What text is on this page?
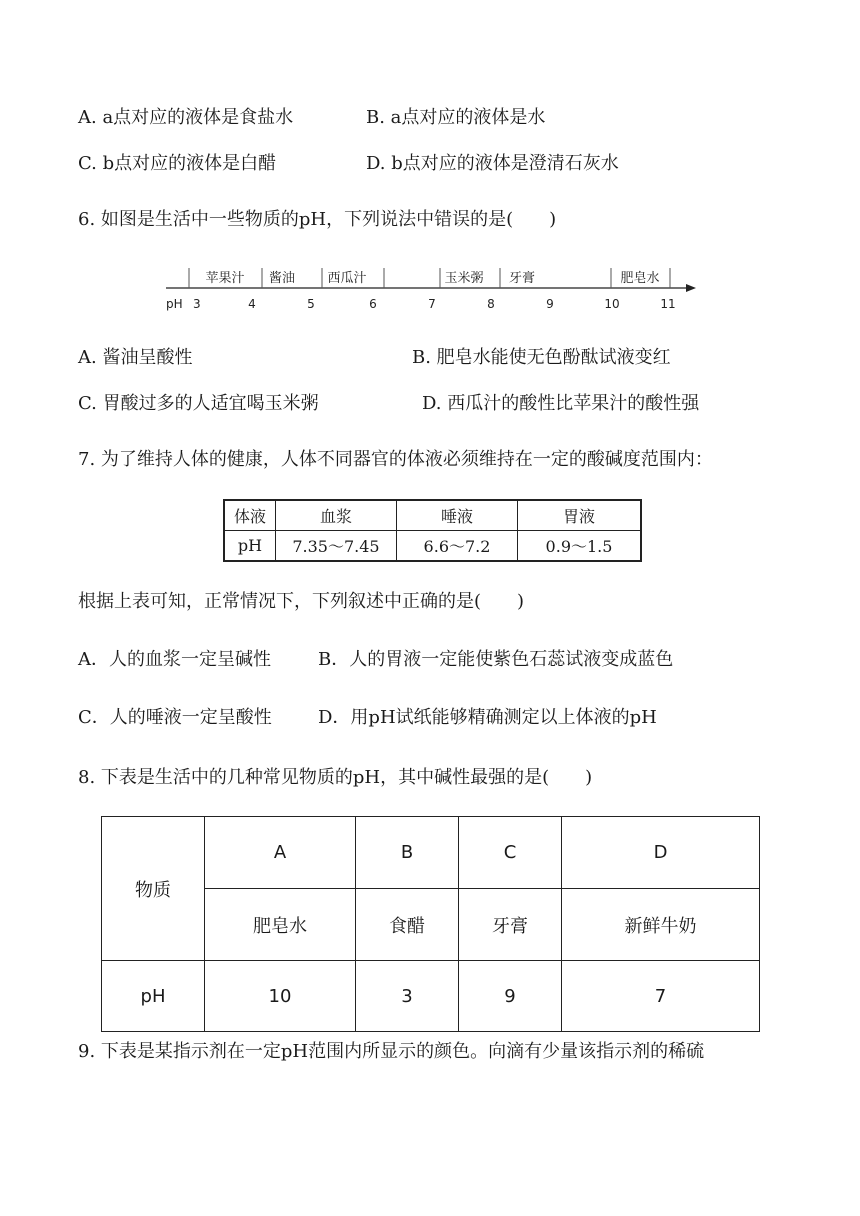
A. a点对应的液体是食盐水	B. a点对应的液体是水
C. b点对应的液体是白醋	D. b点对应的液体是澄清石灰水
6. 如图是生活中一些物质的pH，下列说法中错误的是(　　)
3	4	5	6	7	8	9	10	11
苹果汁 酱油 西瓜汁	玉米粥 牙膏	肥皂水
pH
A. 酱油呈酸性	B. 肥皂水能使无色酚酞试液变红
C. 胃酸过多的人适宜喝玉米粥	D. 西瓜汁的酸性比苹果汁的酸性强
7. 为了维持人体的健康，人体不同器官的体液必须维持在一定的酸碱度范围内：
体液	血浆	唾液	胃液
pH	7.35～7.45	6.6～7.2	0.9～1.5
根据上表可知，正常情况下，下列叙述中正确的是(　　)
A．人的血浆一定呈碱性	B．人的胃液一定能使紫色石蕊试液变成蓝色
C．人的唾液一定呈酸性	D．用pH试纸能够精确测定以上体液的pH
8. 下表是生活中的几种常见物质的pH，其中碱性最强的是(　　)
物质	A	B	C	D
	肥皂水	食醋	牙膏	新鲜牛奶
pH	10	3	9	7
9. 下表是某指示剂在一定pH范围内所显示的颜色。向滴有少量该指示剂的稀硫
